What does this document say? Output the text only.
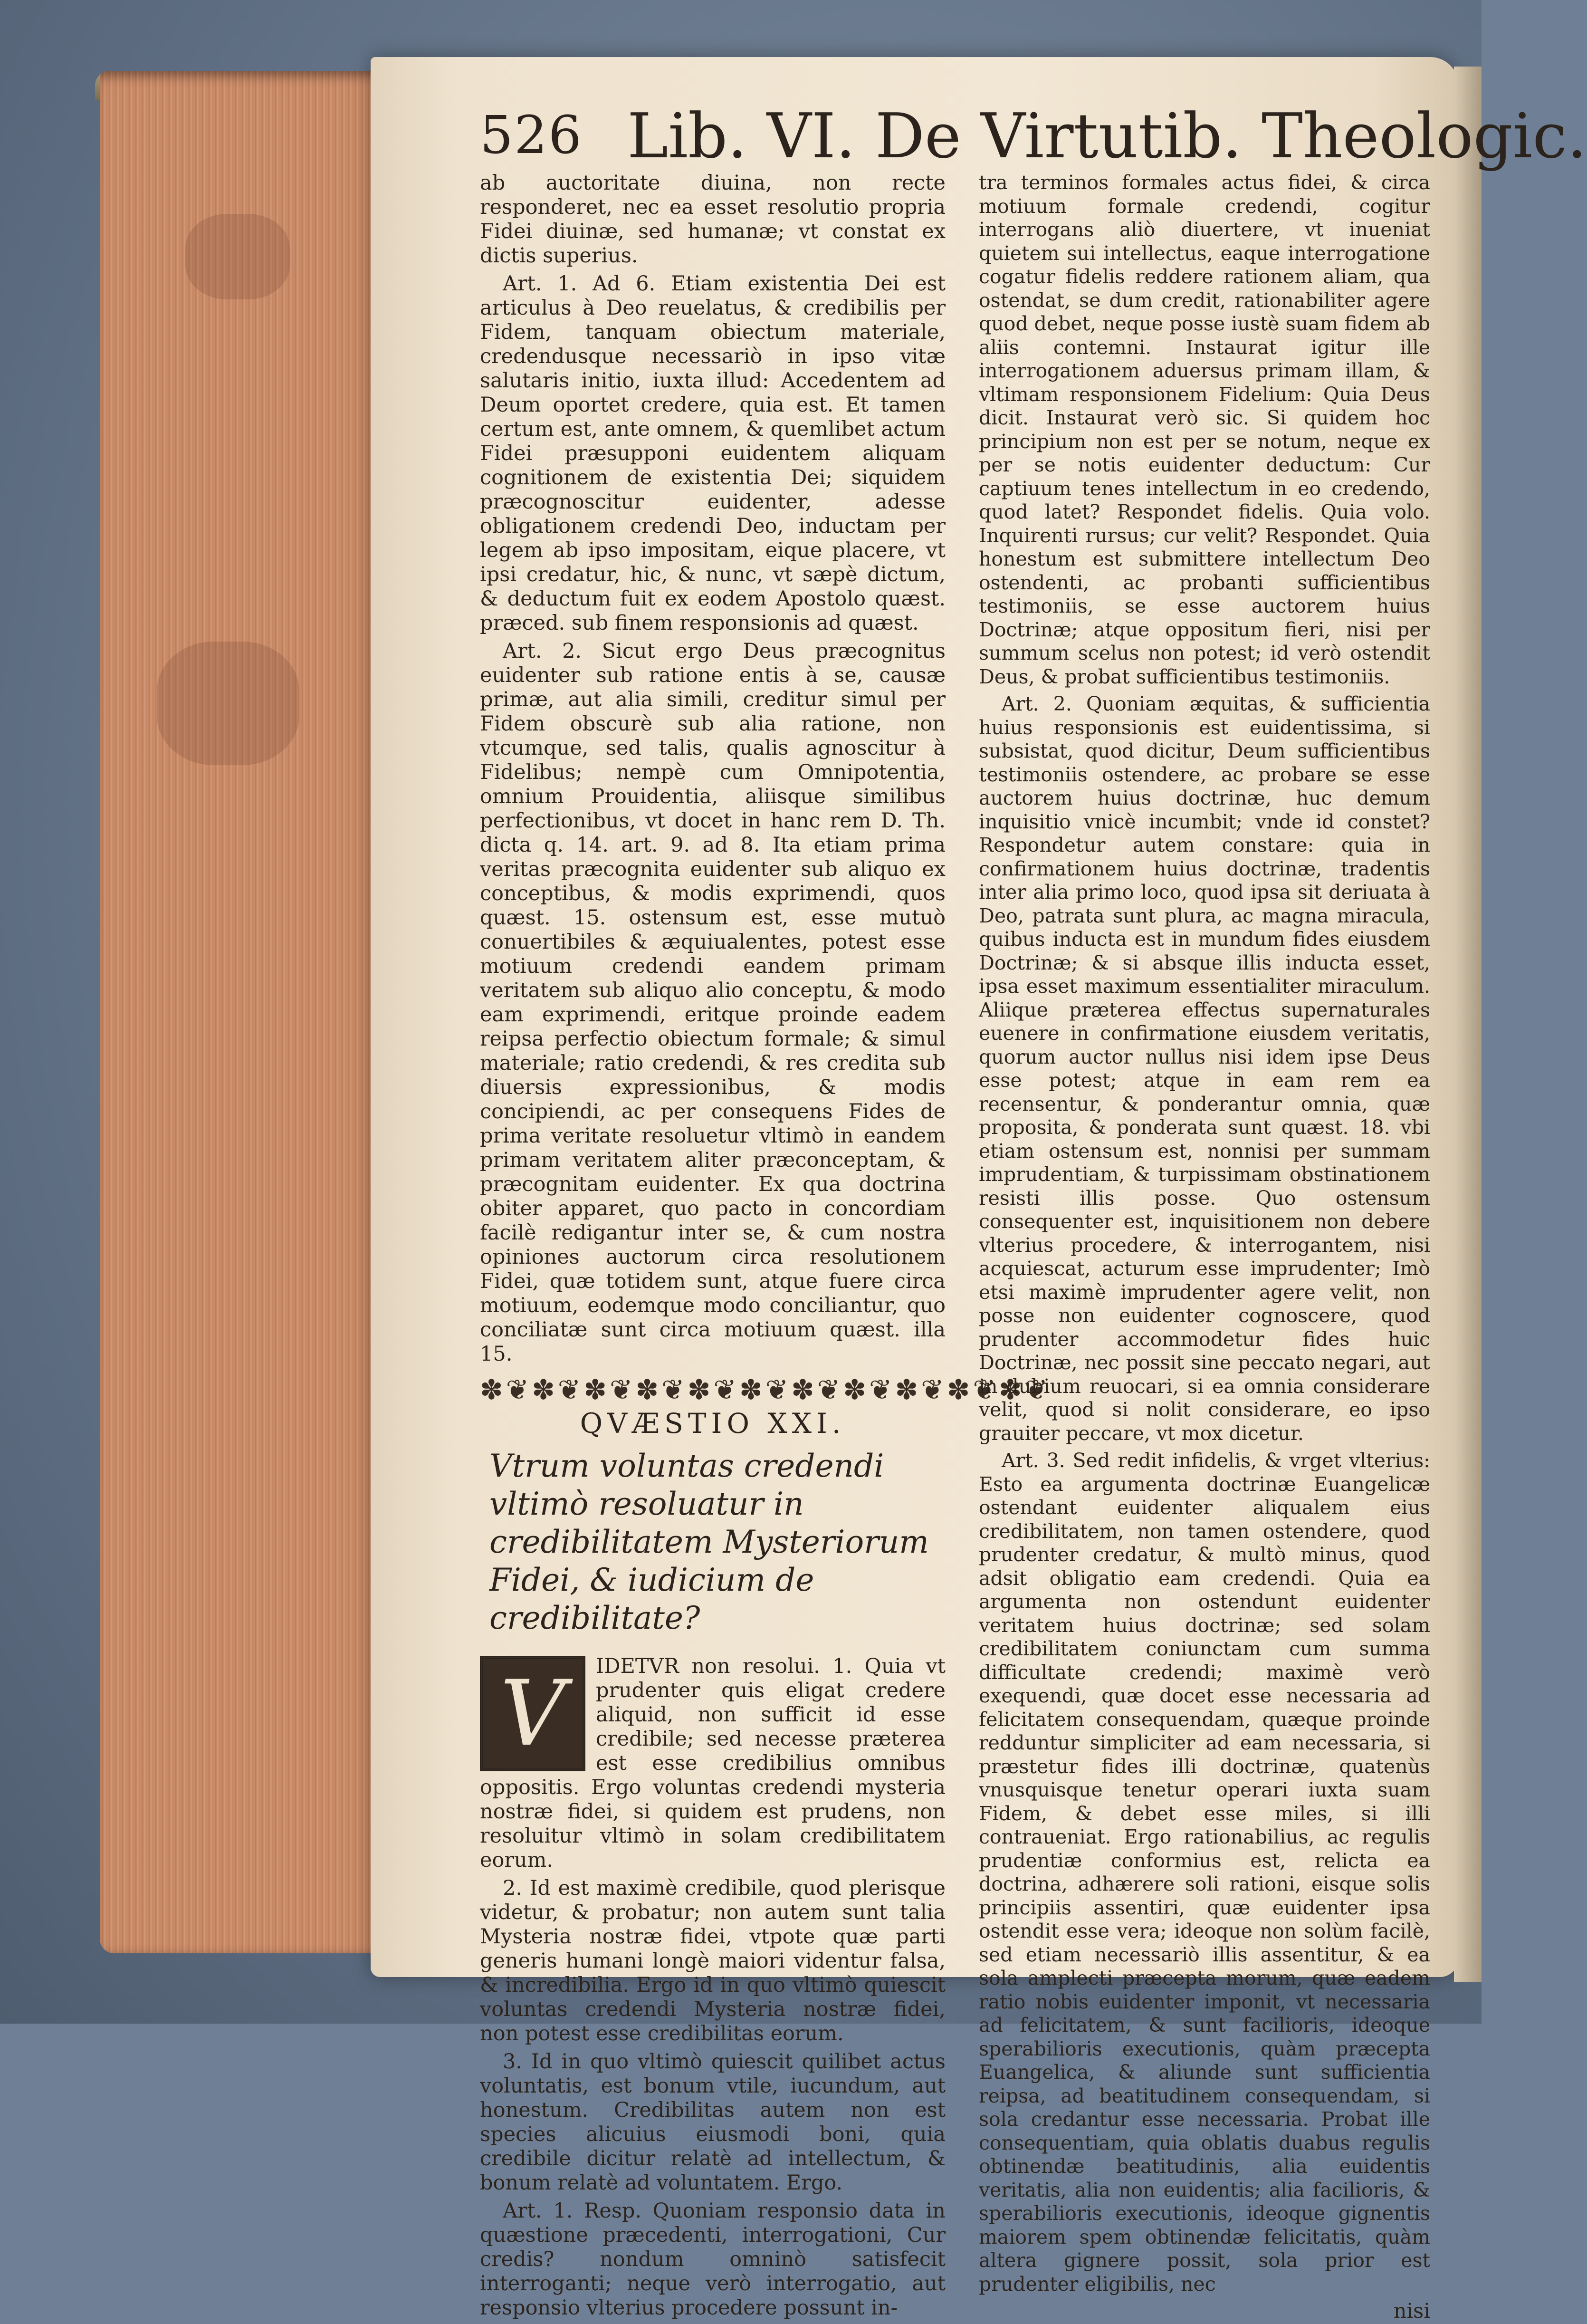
526 Lib. VI. De Virtutib. Theologic.

ab auctoritate diuina, non recte responderet, nec ea esset resolutio propria Fidei diuinæ, sed humanæ; vt constat ex dictis superius.

Art. 1. Ad 6. Etiam existentia Dei est articulus à Deo reuelatus, & credibilis per Fidem, tanquam obiectum materiale, credendusque necessariò in ipso vitæ salutaris initio, iuxta illud: Accedentem ad Deum oportet credere, quia est. Et tamen certum est, ante omnem, & quemlibet actum Fidei præsupponi euidentem aliquam cognitionem de existentia Dei; siquidem præcognoscitur euidenter, adesse obligationem credendi Deo, inductam per legem ab ipso impositam, eique placere, vt ipsi credatur, hic, & nunc, vt sæpè dictum, & deductum fuit ex eodem Apostolo quæst. præced. sub finem responsionis ad quæst.

Art. 2. Sicut ergo Deus præcognitus euidenter sub ratione entis à se, causæ primæ, aut alia simili, creditur simul per Fidem obscurè sub alia ratione, non vtcumque, sed talis, qualis agnoscitur à Fidelibus; nempè cum Omnipotentia, omnium Prouidentia, aliisque similibus perfectionibus, vt docet in hanc rem D. Th. dicta q. 14. art. 9. ad 8. Ita etiam prima veritas præcognita euidenter sub aliquo ex conceptibus, & modis exprimendi, quos quæst. 15. ostensum est, esse mutuò conuertibiles & æquiualentes, potest esse motiuum credendi eandem primam veritatem sub aliquo alio conceptu, & modo eam exprimendi, eritque proinde eadem reipsa perfectio obiectum formale; & simul materiale; ratio credendi, & res credita sub diuersis expressionibus, & modis concipiendi, ac per consequens Fides de prima veritate resoluetur vltimò in eandem primam veritatem aliter præconceptam, & præcognitam euidenter. Ex qua doctrina obiter apparet, quo pacto in concordiam facilè redigantur inter se, & cum nostra opiniones auctorum circa resolutionem Fidei, quæ totidem sunt, atque fuere circa motiuum, eodemque modo conciliantur, quo conciliatæ sunt circa motiuum quæst. illa 15.

✽❦✽❦✽❦✽❦✽❦✽❦✽❦✽❦✽❦✽❦✽❦
QVÆSTIO XXI.
Vtrum voluntas credendi vltimò resoluatur in credibilitatem Mysteriorum Fidei, & iudicium de credibilitate?
V	IDETVR non resolui. 1. Quia vt prudenter quis eligat credere aliquid, non sufficit id esse credibile; sed necesse præterea est esse credibilius omnibus oppositis. Ergo voluntas credendi mysteria nostræ fidei, si quidem est prudens, non resoluitur vltimò in solam credibilitatem eorum.

2. Id est maximè credibile, quod plerisque videtur, & probatur; non autem sunt talia Mysteria nostræ fidei, vtpote quæ parti generis humani longè maiori videntur falsa, & incredibilia. Ergo id in quo vltimò quiescit voluntas credendi Mysteria nostræ fidei, non potest esse credibilitas eorum.

3. Id in quo vltimò quiescit quilibet actus voluntatis, est bonum vtile, iucundum, aut honestum. Credibilitas autem non est species alicuius eiusmodi boni, quia credibile dicitur relatè ad intellectum, & bonum relatè ad voluntatem. Ergo.

Art. 1. Resp. Quoniam responsio data in quæstione præcedenti, interrogationi, Cur credis? nondum omninò satisfecit interroganti; neque verò interrogatio, aut responsio vlterius procedere possunt in-

tra terminos formales actus fidei, & circa motiuum formale credendi, cogitur interrogans aliò diuertere, vt inueniat quietem sui intellectus, eaque interrogatione cogatur fidelis reddere rationem aliam, qua ostendat, se dum credit, rationabiliter agere quod debet, neque posse iustè suam fidem ab aliis contemni. Instaurat igitur ille interrogationem aduersus primam illam, & vltimam responsionem Fidelium: Quia Deus dicit. Instaurat verò sic. Si quidem hoc principium non est per se notum, neque ex per se notis euidenter deductum: Cur captiuum tenes intellectum in eo credendo, quod latet? Respondet fidelis. Quia volo. Inquirenti rursus; cur velit? Respondet. Quia honestum est submittere intellectum Deo ostendenti, ac probanti sufficientibus testimoniis, se esse auctorem huius Doctrinæ; atque oppositum fieri, nisi per summum scelus non potest; id verò ostendit Deus, & probat sufficientibus testimoniis.

Art. 2. Quoniam æquitas, & sufficientia huius responsionis est euidentissima, si subsistat, quod dicitur, Deum sufficientibus testimoniis ostendere, ac probare se esse auctorem huius doctrinæ, huc demum inquisitio vnicè incumbit; vnde id constet? Respondetur autem constare: quia in confirmationem huius doctrinæ, tradentis inter alia primo loco, quod ipsa sit deriuata à Deo, patrata sunt plura, ac magna miracula, quibus inducta est in mundum fides eiusdem Doctrinæ; & si absque illis inducta esset, ipsa esset maximum essentialiter miraculum. Aliique præterea effectus supernaturales euenere in confirmatione eiusdem veritatis, quorum auctor nullus nisi idem ipse Deus esse potest; atque in eam rem ea recensentur, & ponderantur omnia, quæ proposita, & ponderata sunt quæst. 18. vbi etiam ostensum est, nonnisi per summam imprudentiam, & turpissimam obstinationem resisti illis posse. Quo ostensum consequenter est, inquisitionem non debere vlterius procedere, & interrogantem, nisi acquiescat, acturum esse imprudenter; Imò etsi maximè imprudenter agere velit, non posse non euidenter cognoscere, quod prudenter accommodetur fides huic Doctrinæ, nec possit sine peccato negari, aut in dubium reuocari, si ea omnia considerare velit, quod si nolit considerare, eo ipso grauiter peccare, vt mox dicetur.

Art. 3. Sed redit infidelis, & vrget vlterius: Esto ea argumenta doctrinæ Euangelicæ ostendant euidenter aliqualem eius credibilitatem, non tamen ostendere, quod prudenter credatur, & multò minus, quod adsit obligatio eam credendi. Quia ea argumenta non ostendunt euidenter veritatem huius doctrinæ; sed solam credibilitatem coniunctam cum summa difficultate credendi; maximè verò exequendi, quæ docet esse necessaria ad felicitatem consequendam, quæque proinde redduntur simpliciter ad eam necessaria, si præstetur fides illi doctrinæ, quatenùs vnusquisque tenetur operari iuxta suam Fidem, & debet esse miles, si illi contraueniat. Ergo rationabilius, ac regulis prudentiæ conformius est, relicta ea doctrina, adhærere soli rationi, eisque solis principiis assentiri, quæ euidenter ipsa ostendit esse vera; ideoque non solùm facilè, sed etiam necessariò illis assentitur, & ea sola amplecti præcepta morum, quæ eadem ratio nobis euidenter imponit, vt necessaria ad felicitatem, & sunt facilioris, ideoque sperabilioris executionis, quàm præcepta Euangelica, & aliunde sunt sufficientia reipsa, ad beatitudinem consequendam, si sola credantur esse necessaria. Probat ille consequentiam, quia oblatis duabus regulis obtinendæ beatitudinis, alia euidentis veritatis, alia non euidentis; alia facilioris, & sperabilioris executionis, ideoque gignentis maiorem spem obtinendæ felicitatis, quàm altera gignere possit, sola prior est prudenter eligibilis, nec

nisi
